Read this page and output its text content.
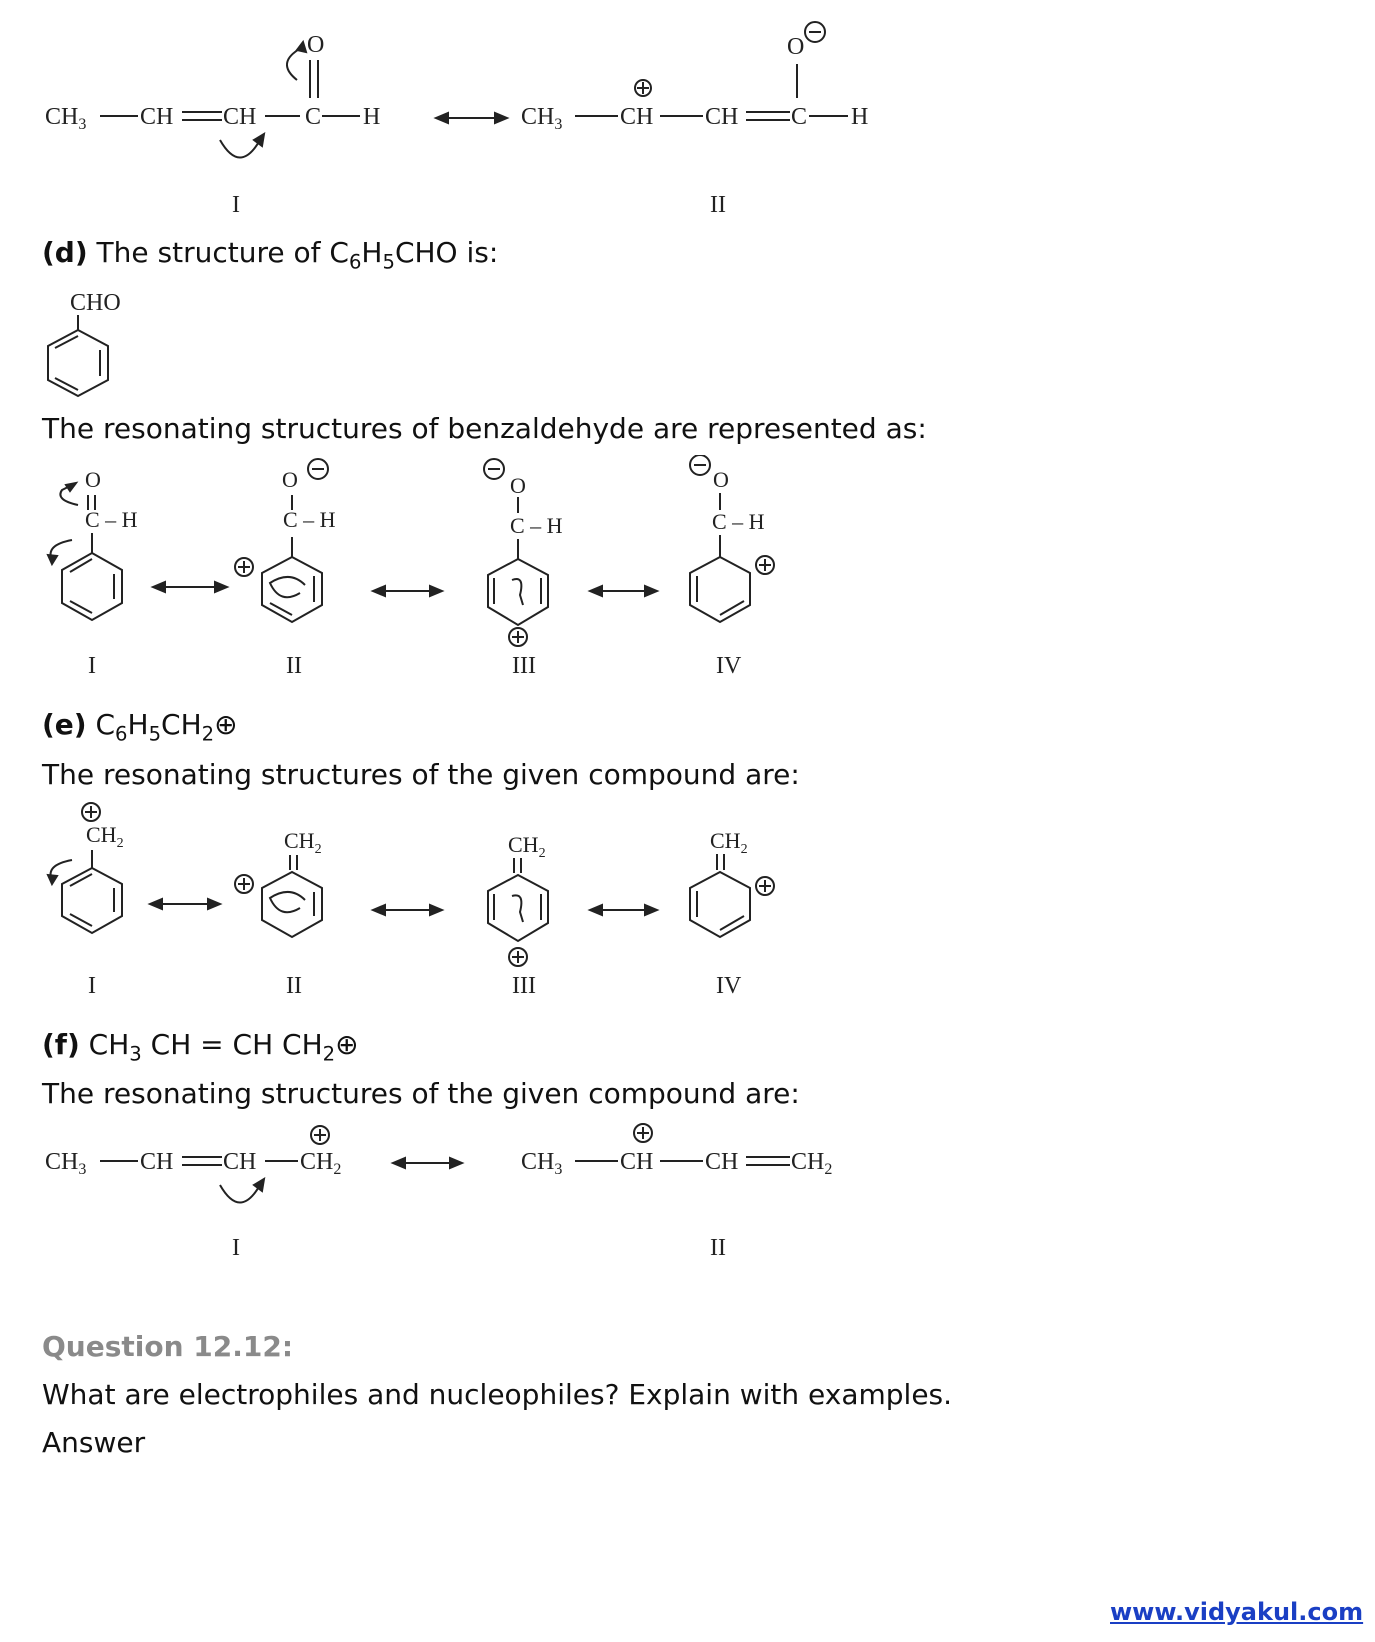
$CH_3$ CH CH C H
O
I
$CH_3$ CH CH C H
O
II
(d) The structure of $C_6H_5CHO$ is:
CHO
The resonating structures of benzaldehyde are represented as:
O
C – H
I
O
C – H
II
O
C – H
III
O
C – H
IV
(e) $C_6H_5CH_2\oplus$
The resonating structures of the given compound are:
$CH_2$
I
$CH_2$
II
$CH_2$
III
$CH_2$
IV
(f) $CH_3$ CH = CH $CH_2\oplus$
The resonating structures of the given compound are:
$CH_3$ CH CH $CH_2$
I
$CH_3$ CH CH $CH_2$
II
Question 12.12:
What are electrophiles and nucleophiles? Explain with examples.
Answer
www.vidyakul.com
